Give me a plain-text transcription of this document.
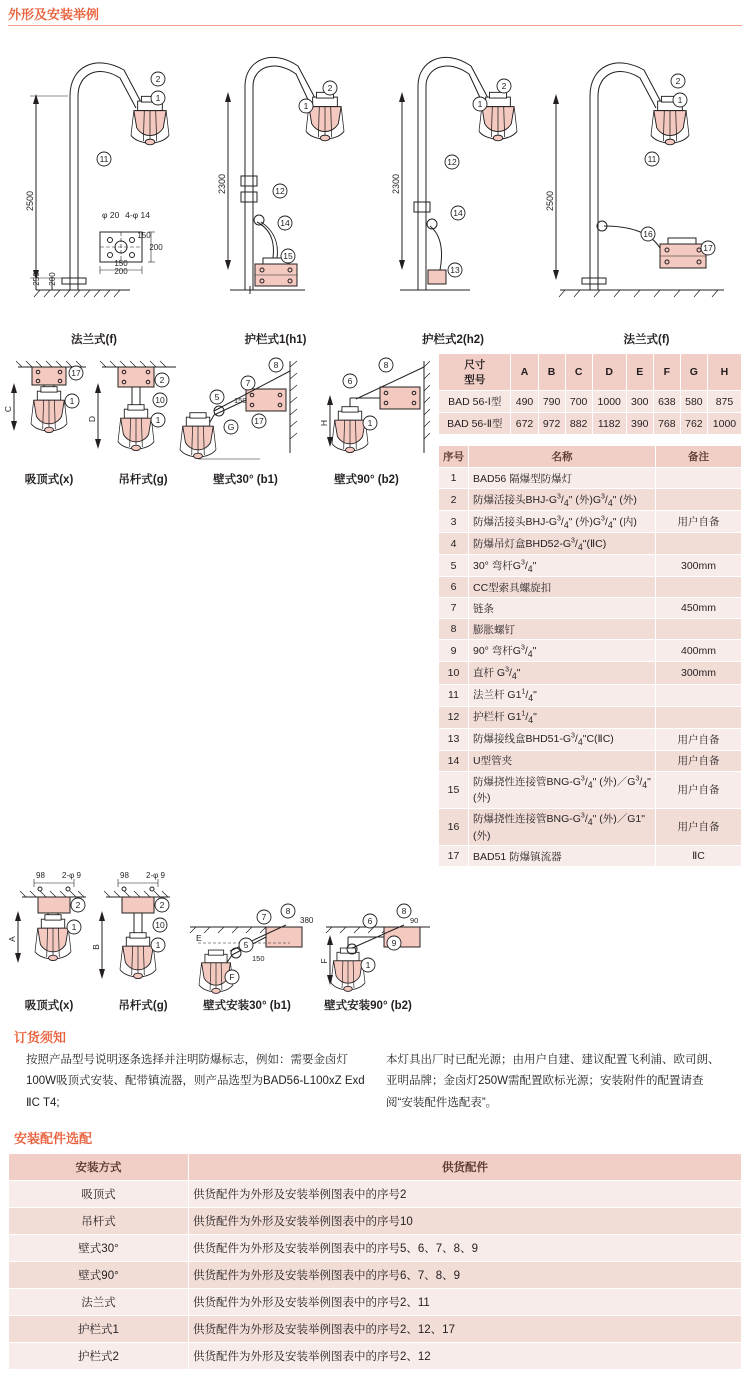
外形及安装举例
2
1
11
2
1
12
14
15
12
14
13
2
1
2
1
11
16
17
2500
2300	2300
2500
250 200
φ 20 4-φ 14
200
150
200
150
法兰式(f)	护栏式1(h1)	护栏式2(h2)	法兰式(f)
17
1
2
10
1
8
7
5
G
17
8
6
1
C
D
150
H
吸顶式(x)	吊杆式(g)	壁式30° (b1)	壁式90° (b2)
尺寸
型号	A	B	C	D	E	F	G	H
BAD 56-Ⅰ型	490	790	700	1000	300	638	580	875
BAD 56-Ⅱ型	672	972	882	1182	390	768	762	1000
序号	名称	备注
1	BAD56 隔爆型防爆灯	
2	防爆活接头BHJ-$G^3/_4$" (外)$G^3/_4$" (外)	
3	防爆活接头BHJ-$G^3/_4$" (外)$G^3/_4$" (内)	用户自备
4	防爆吊灯盒$BHD52-G^3/_4"(ⅡC)$	
5	30° 弯杆$G^3/_4$"	300mm
6	CC型索具螺旋扣	
7	链条	450mm
8	膨胀螺钉	
9	90° 弯杆$G^3/_4$"	400mm
10	直杆 $G^3/_4$"	300mm
11	法兰杆 $G1^1/_4$"	
12	护栏杆 $G1^1/_4$"	
13	防爆接线盒$BHD51-G^3/_4"C(ⅡC)$	用户自备
14	U型管夹	用户自备
15	防爆挠性连接管BNG-$G^3/_4$" (外)$/G^3/_4$" (外)	用户自备
16	防爆挠性连接管BNG-$G^3/_4$" (外)／G1" (外)	用户自备
17	BAD51 防爆镇流器	ⅡC
2
1
2
10
1
8
7
5
F
8
6
9
1
98 2-φ 9	98 2-φ 9
A
B
E
150
380
F
90
吸顶式(x)	吊杆式(g)	壁式安装30° (b1)	壁式安装90° (b2)
订货须知
按照产品型号说明逐条选择并注明防爆标志，例如：需要金卤灯100W吸顶式安装、配带镇流器，则产品选型为BAD56-L100xZ Exd ⅡC T4;
本灯具出厂时已配光源；由用户自建、建议配置飞利浦、欧司朗、亚明品牌；金卤灯250W需配置欧标光源；安装附件的配置请查阅“安装配件选配表”。
安装配件选配
安装方式	供货配件
吸顶式	供货配件为外形及安装举例图表中的序号2
吊杆式	供货配件为外形及安装举例图表中的序号10
壁式30°	供货配件为外形及安装举例图表中的序号5、6、7、8、9
壁式90°	供货配件为外形及安装举例图表中的序号6、7、8、9
法兰式	供货配件为外形及安装举例图表中的序号2、11
护栏式1	供货配件为外形及安装举例图表中的序号2、12、17
护栏式2	供货配件为外形及安装举例图表中的序号2、12
